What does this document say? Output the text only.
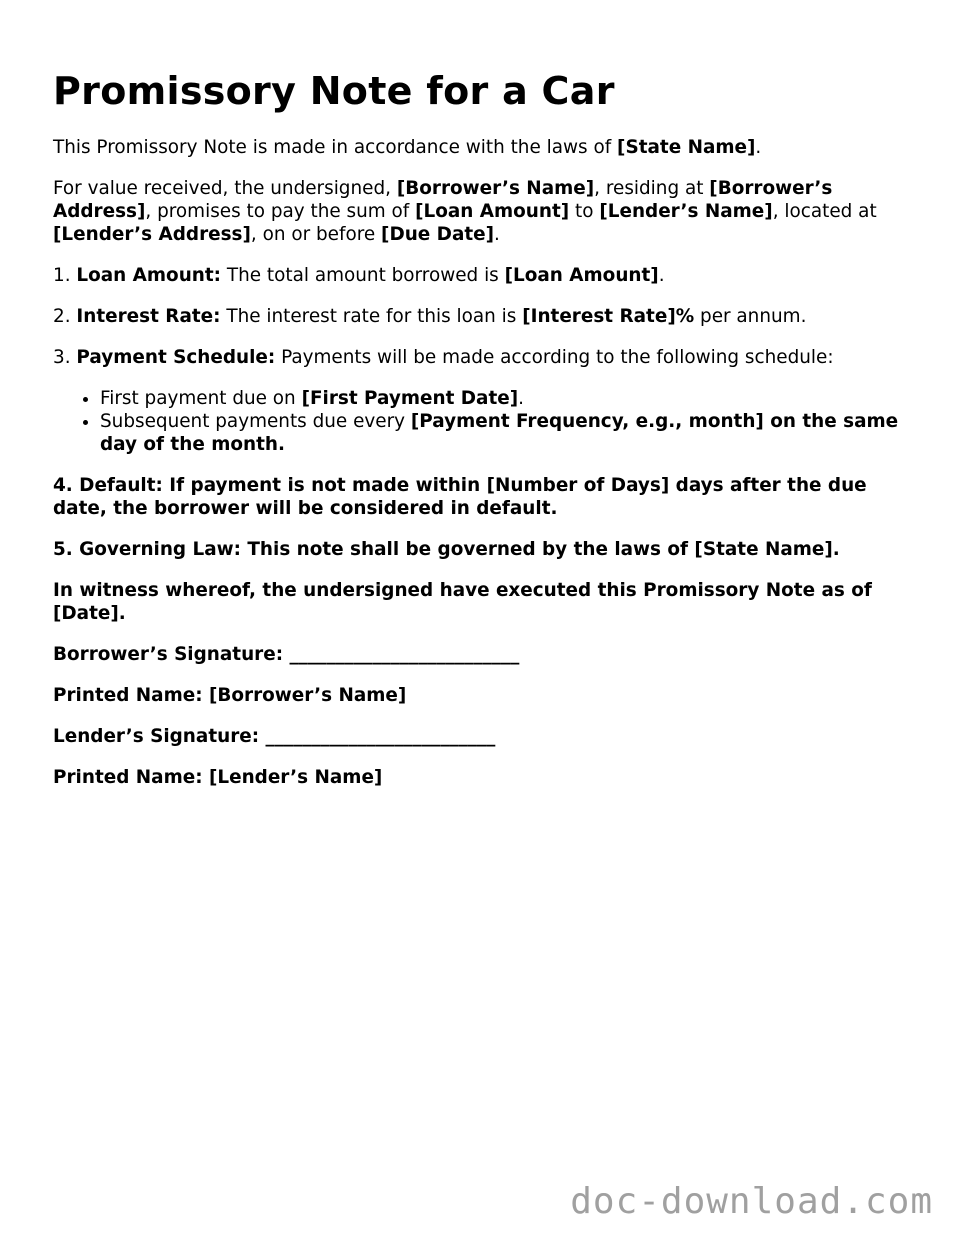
Promissory Note for a Car

This Promissory Note is made in accordance with the laws of [State Name].

For value received, the undersigned, [Borrower’s Name], residing at [Borrower’s Address], promises to pay the sum of [Loan Amount] to [Lender’s Name], located at [Lender’s Address], on or before [Due Date].

1. Loan Amount: The total amount borrowed is [Loan Amount].

2. Interest Rate: The interest rate for this loan is [Interest Rate]% per annum.

3. Payment Schedule: Payments will be made according to the following schedule:

• First payment due on [First Payment Date].
• Subsequent payments due every [Payment Frequency, e.g., month] on the same day of the month.

4. Default: If payment is not made within [Number of Days] days after the due date, the borrower will be considered in default.

5. Governing Law: This note shall be governed by the laws of [State Name].

In witness whereof, the undersigned have executed this Promissory Note as of [Date].

Borrower’s Signature: _________________________

Printed Name: [Borrower’s Name]

Lender’s Signature: _________________________

Printed Name: [Lender’s Name]

doc-download.com
